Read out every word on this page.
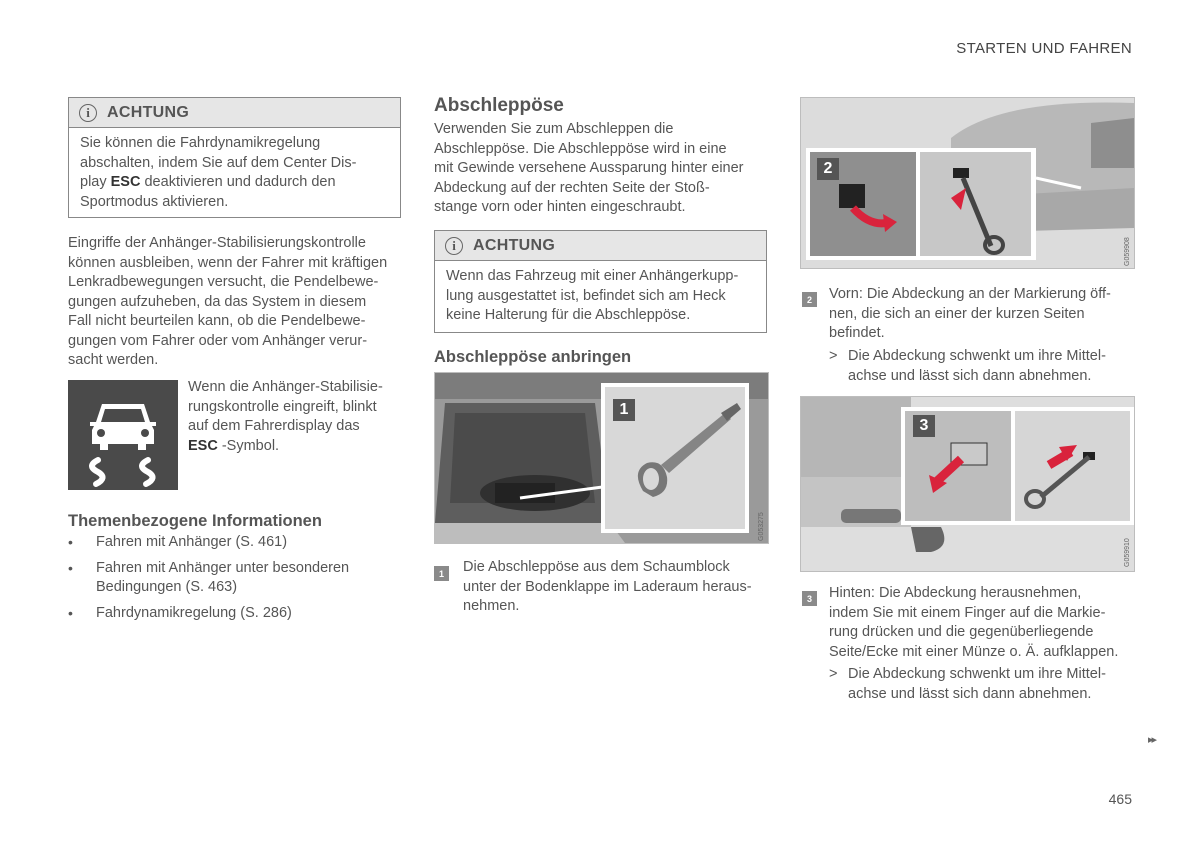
STARTEN UND FAHREN
i	ACHTUNG
Sie können die Fahrdynamikregelung
abschalten, indem Sie auf dem Center Dis-
play ESC deaktivieren und dadurch den
Sportmodus aktivieren.
Eingriffe der Anhänger-Stabilisierungskontrolle
können ausbleiben, wenn der Fahrer mit kräftigen
Lenkradbewegungen versucht, die Pendelbewe-
gungen aufzuheben, da das System in diesem
Fall nicht beurteilen kann, ob die Pendelbewe-
gungen vom Fahrer oder vom Anhänger verur-
sacht werden.
Wenn die Anhänger-Stabilisie-
rungskontrolle eingreift, blinkt
auf dem Fahrerdisplay das
ESC -Symbol.
Themenbezogene Informationen
• Fahren mit Anhänger (S. 461)
• Fahren mit Anhänger unter besonderen
Bedingungen (S. 463)
• Fahrdynamikregelung (S. 286)
Abschleppöse
Verwenden Sie zum Abschleppen die
Abschleppöse. Die Abschleppöse wird in eine
mit Gewinde versehene Aussparung hinter einer
Abdeckung auf der rechten Seite der Stoß-
stange vorn oder hinten eingeschraubt.
i	ACHTUNG
Wenn das Fahrzeug mit einer Anhängerkupp-
lung ausgestattet ist, befindet sich am Heck
keine Halterung für die Abschleppöse.
Abschleppöse anbringen
1
G053275
1	Die Abschleppöse aus dem Schaumblock
unter der Bodenklappe im Laderaum heraus-
nehmen.
2
G059908
2	Vorn: Die Abdeckung an der Markierung öff-
nen, die sich an einer der kurzen Seiten
befindet.
> Die Abdeckung schwenkt um ihre Mittel-
achse und lässt sich dann abnehmen.
3
G059910
3	Hinten: Die Abdeckung herausnehmen,
indem Sie mit einem Finger auf die Markie-
rung drücken und die gegenüberliegende
Seite/Ecke mit einer Münze o. Ä. aufklappen.
> Die Abdeckung schwenkt um ihre Mittel-
achse und lässt sich dann abnehmen.
▸▸
465
